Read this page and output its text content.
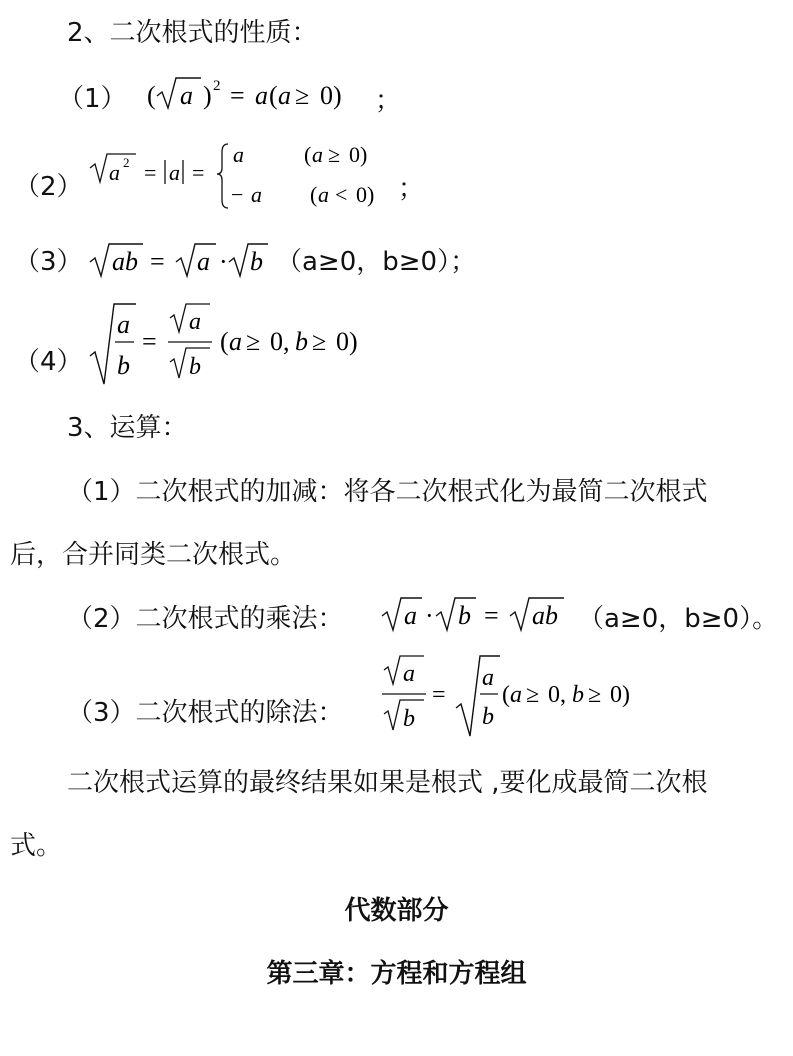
2、二次根式的性质：
（1） ( a ) 2 = a ( a ≥ 0) ；
（2） a 2 = a =
a	( a ≥ 0)
− a ( a < 0) ；
（3） ab = a · b （a≥0，b≥0）；
（4）
a
b
=
a
b
( a ≥ 0, b ≥ 0)
3、运算：
（1）二次根式的加减：将各二次根式化为最简二次根式
后，合并同类二次根式。
（2）二次根式的乘法： a · b = ab （a≥0，b≥0）。
（3）二次根式的除法：
a
b
=
a
b
( a ≥ 0, b ≥ 0)
二次根式运算的最终结果如果是根式 ,要化成最简二次根
式。
代数部分
第三章：方程和方程组
